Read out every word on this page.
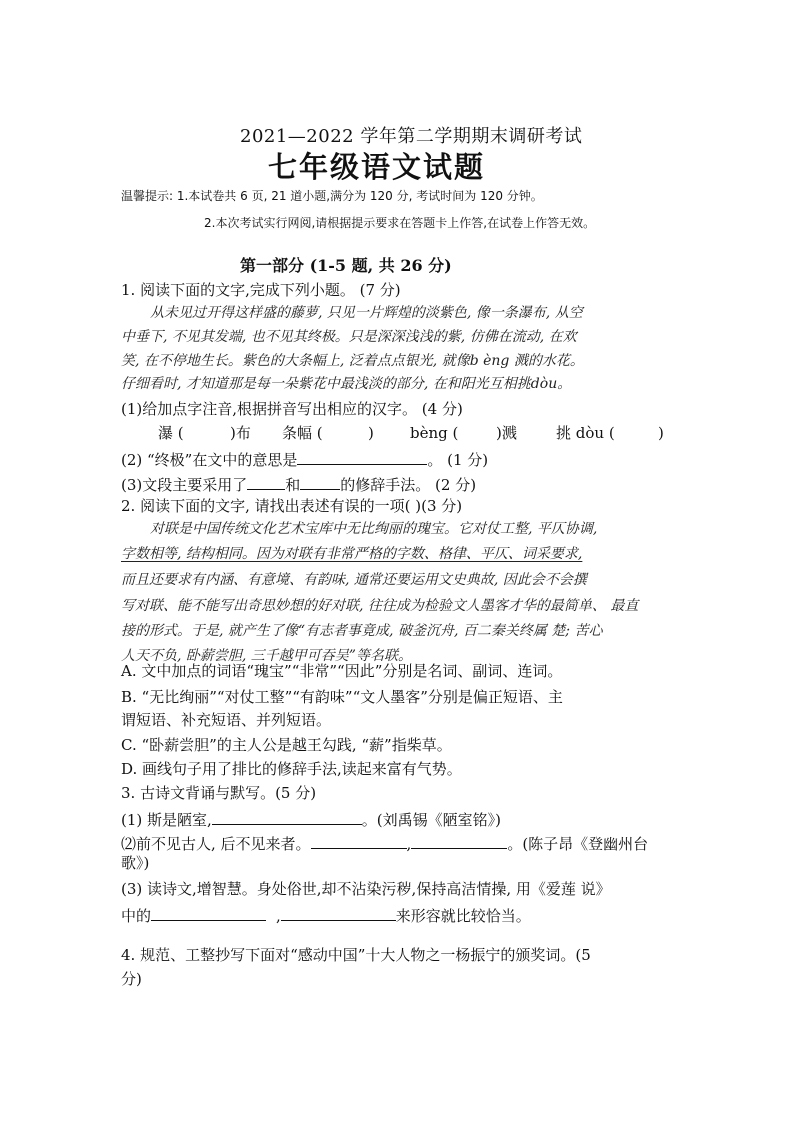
2021—2022 学年第二学期期末调研考试
七年级语文试题
温馨提示: 1.本试卷共 6 页, 21 道小题,满分为 120 分, 考试时间为 120 分钟。
2.本次考试实行网阅,请根据提示要求在答题卡上作答,在试卷上作答无效。
第一部分 (1-5 题, 共 26 分)
1. 阅读下面的文字,完成下列小题。 (7 分)
从未见过开得这样盛的藤萝, 只见一片辉煌的淡紫色, 像一条瀑布, 从空
中垂下, 不见其发端, 也不见其终极。只是深深浅浅的紫, 仿佛在流动, 在欢
笑, 在不停地生长。紫色的大条幅上, 泛着点点银光, 就像b èng 溅的水花。
仔细看时, 才知道那是每一朵紫花中最浅淡的部分, 在和阳光互相挑dòu。
(1)给加点字注音,根据拼音写出相应的汉字。 (4 分)
瀑 (	)布 条幅 (	) bèng (	)溅	挑 dòu (	)
(2) “终极”在文中的意思是	。 (1 分)
(3)文段主要采用了	和	的修辞手法。 (2 分)
2. 阅读下面的文字, 请找出表述有误的一项( )(3 分)
对联是中国传统文化艺术宝库中无比绚丽的瑰宝。它对仗工整, 平仄协调,
字数相等, 结构相同。因为对联有非常严格的字数、格律、平仄、词采要求,
而且还要求有内涵、有意境、有韵味, 通常还要运用文史典故, 因此会不会撰
写对联、能不能写出奇思妙想的好对联, 往往成为检验文人墨客才华的最简单、 最直
接的形式。于是, 就产生了像“有志者事竟成, 破釜沉舟, 百二秦关终属 楚; 苦心
人天不负, 卧薪尝胆, 三千越甲可吞吴”等名联。
A. 文中加点的词语“瑰宝”“非常”“因此”分别是名词、副词、连词。
B. “无比绚丽”“对仗工整”“有韵味”“文人墨客”分别是偏正短语、主
谓短语、补充短语、并列短语。
C. “卧薪尝胆”的主人公是越王勾践, “薪”指柴草。
D. 画线句子用了排比的修辞手法,读起来富有气势。
3. 古诗文背诵与默写。(5 分)
(1) 斯是陋室,	。(刘禹锡《陋室铭》)
⑵前不见古人, 后不见来者。	,	。(陈子昂《登幽州台
歌》)
(3) 读诗文,增智慧。身处俗世,却不沾染污秽,保持高洁情操, 用《爱莲 说》
中的	,	来形容就比较恰当。
4. 规范、工整抄写下面对“感动中国”十大人物之一杨振宁的颁奖词。(5
分)
